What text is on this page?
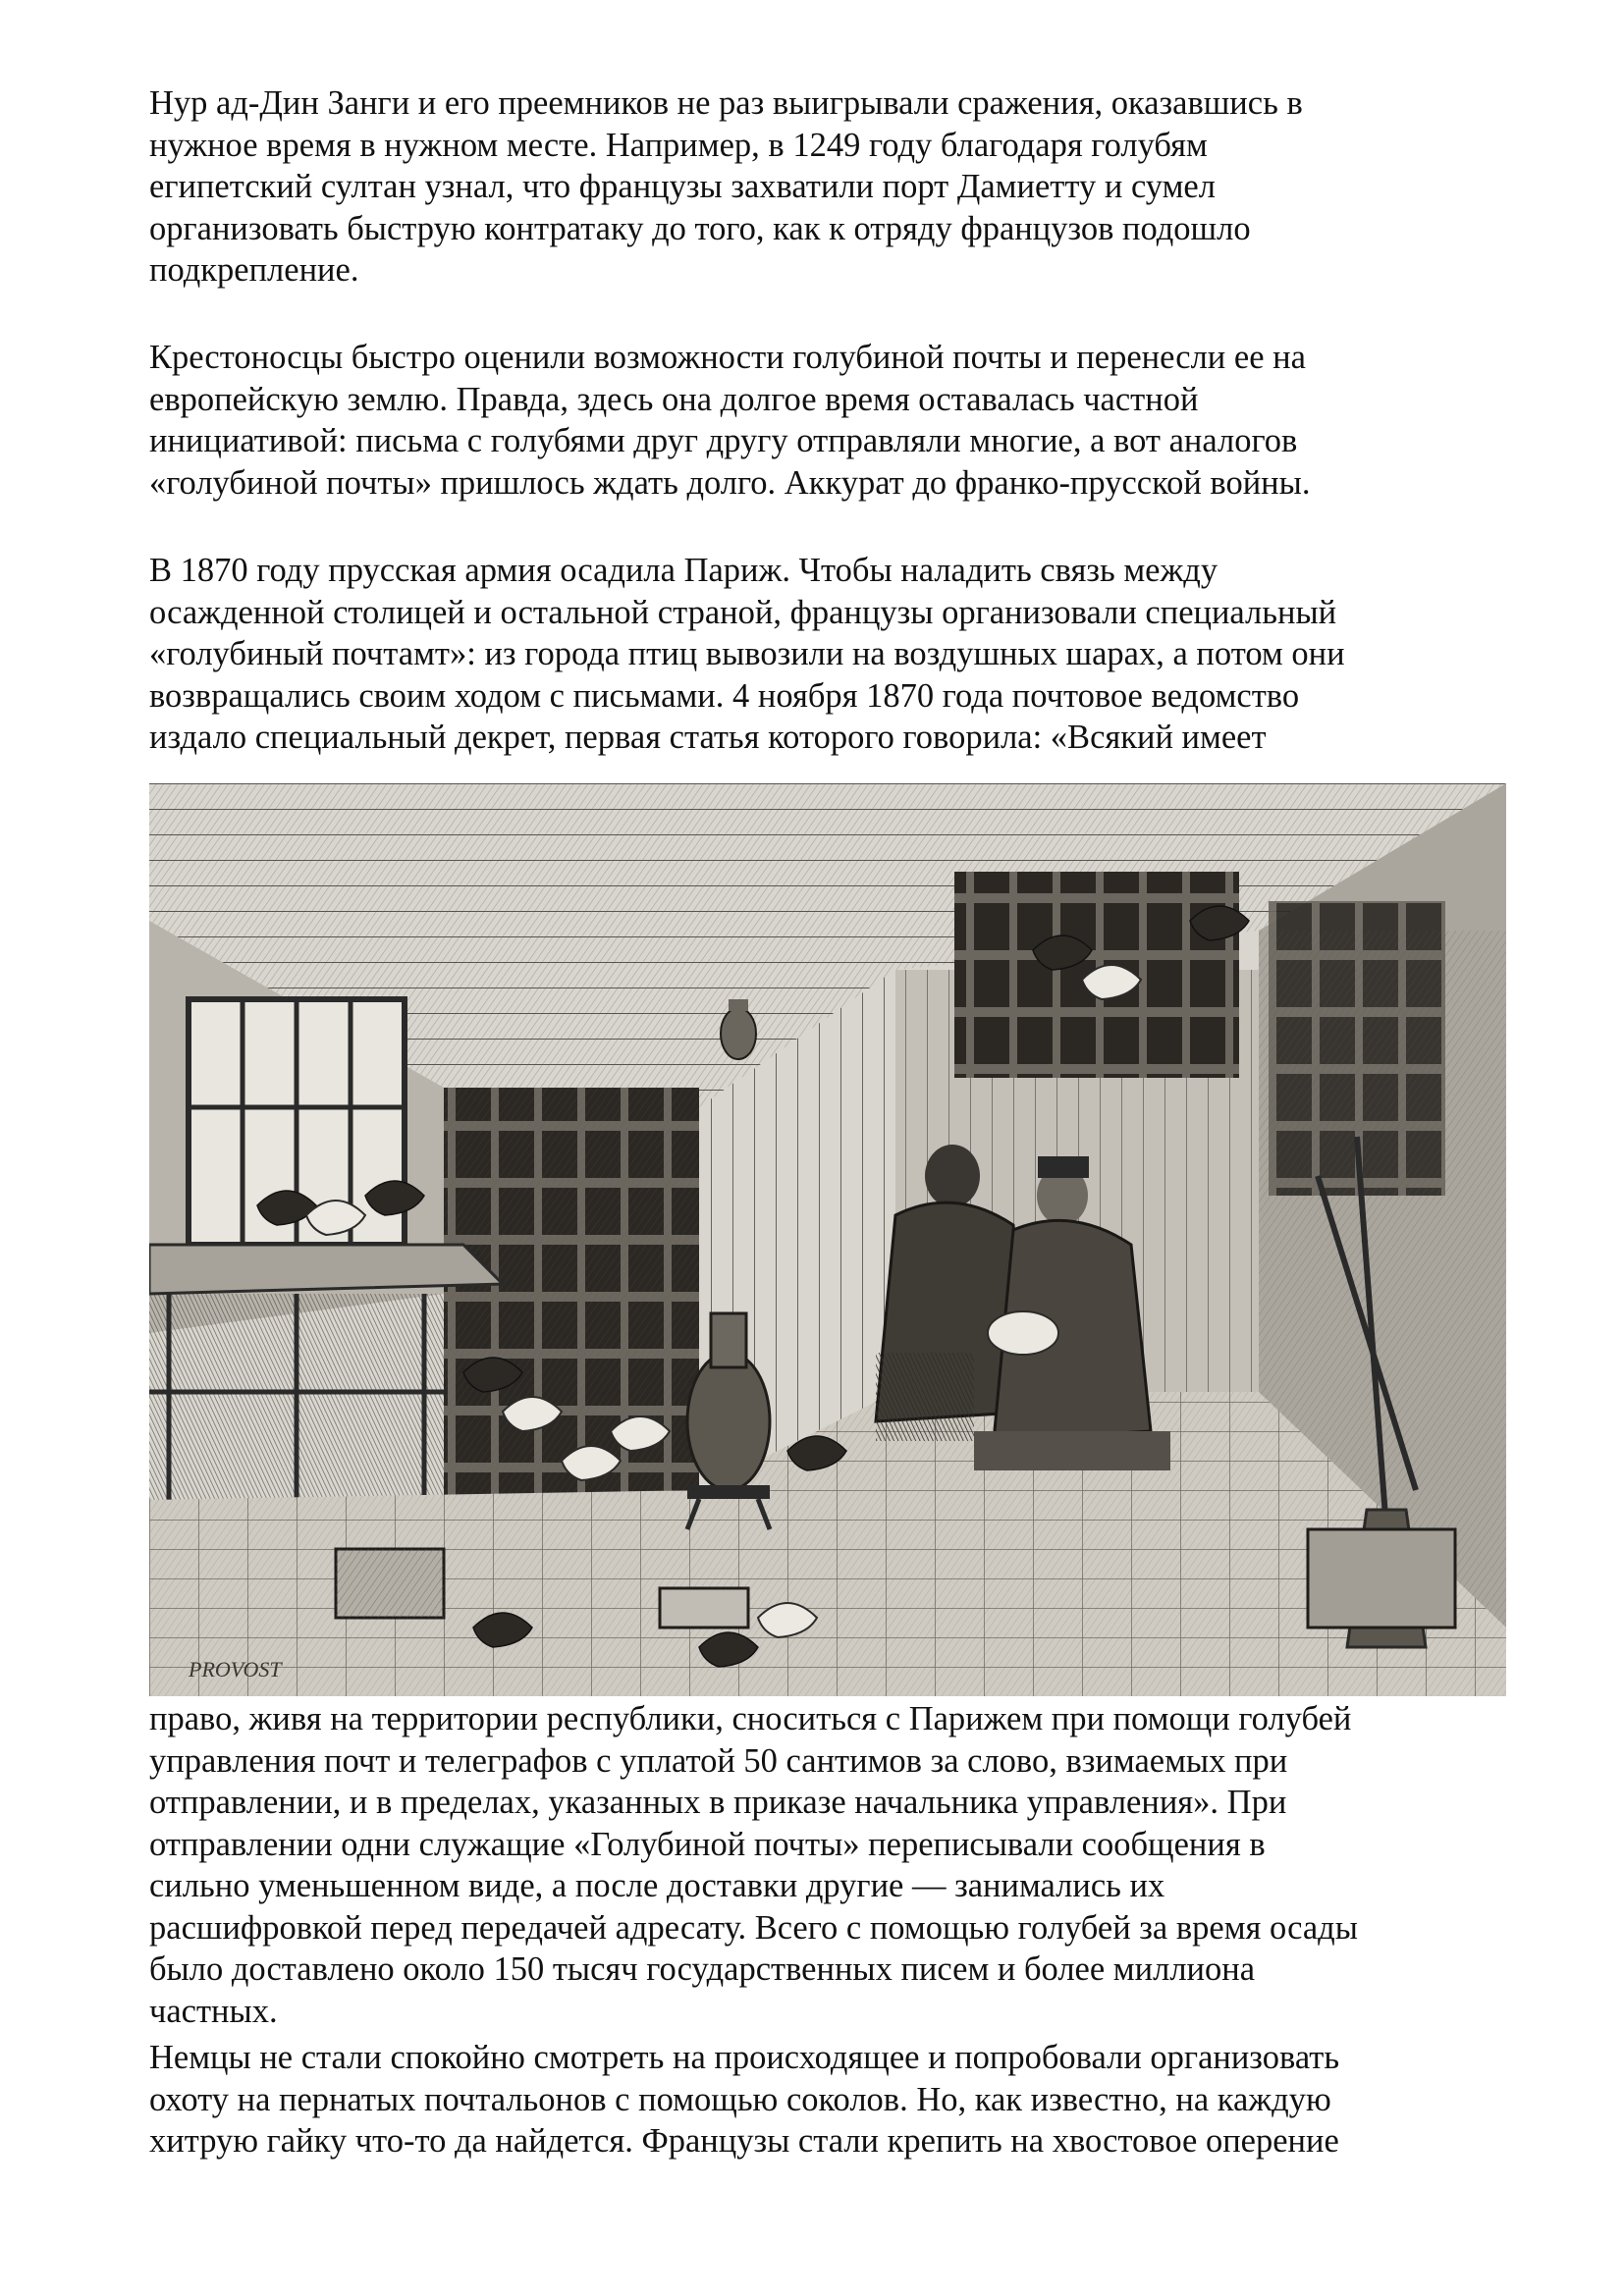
Нур ад-Дин Занги и его преемников не раз выигрывали сражения, оказавшись в
нужное время в нужном месте. Например, в 1249 году благодаря голубям
египетский султан узнал, что французы захватили порт Дамиетту и сумел
организовать быструю контратаку до того, как к отряду французов подошло
подкрепление.

Крестоносцы быстро оценили возможности голубиной почты и перенесли ее на
европейскую землю. Правда, здесь она долгое время оставалась частной
инициативой: письма с голубями друг другу отправляли многие, а вот аналогов
«голубиной почты» пришлось ждать долго. Аккурат до франко-прусской войны.

В 1870 году прусская армия осадила Париж. Чтобы наладить связь между
осажденной столицей и остальной страной, французы организовали специальный
«голубиный почтамт»: из города птиц вывозили на воздушных шарах, а потом они
возвращались своим ходом с письмами. 4 ноября 1870 года почтовое ведомство
издало специальный декрет, первая статья которого говорила: «Всякий имеет

PROVOST

право, живя на территории республики, сноситься с Парижем при помощи голубей
управления почт и телеграфов с уплатой 50 сантимов за слово, взимаемых при
отправлении, и в пределах, указанных в приказе начальника управления». При
отправлении одни служащие «Голубиной почты» переписывали сообщения в
сильно уменьшенном виде, а после доставки другие — занимались их
расшифровкой перед передачей адресату. Всего с помощью голубей за время осады
было доставлено около 150 тысяч государственных писем и более миллиона
частных.

Немцы не стали спокойно смотреть на происходящее и попробовали организовать
охоту на пернатых почтальонов с помощью соколов. Но, как известно, на каждую
хитрую гайку что-то да найдется. Французы стали крепить на хвостовое оперение
